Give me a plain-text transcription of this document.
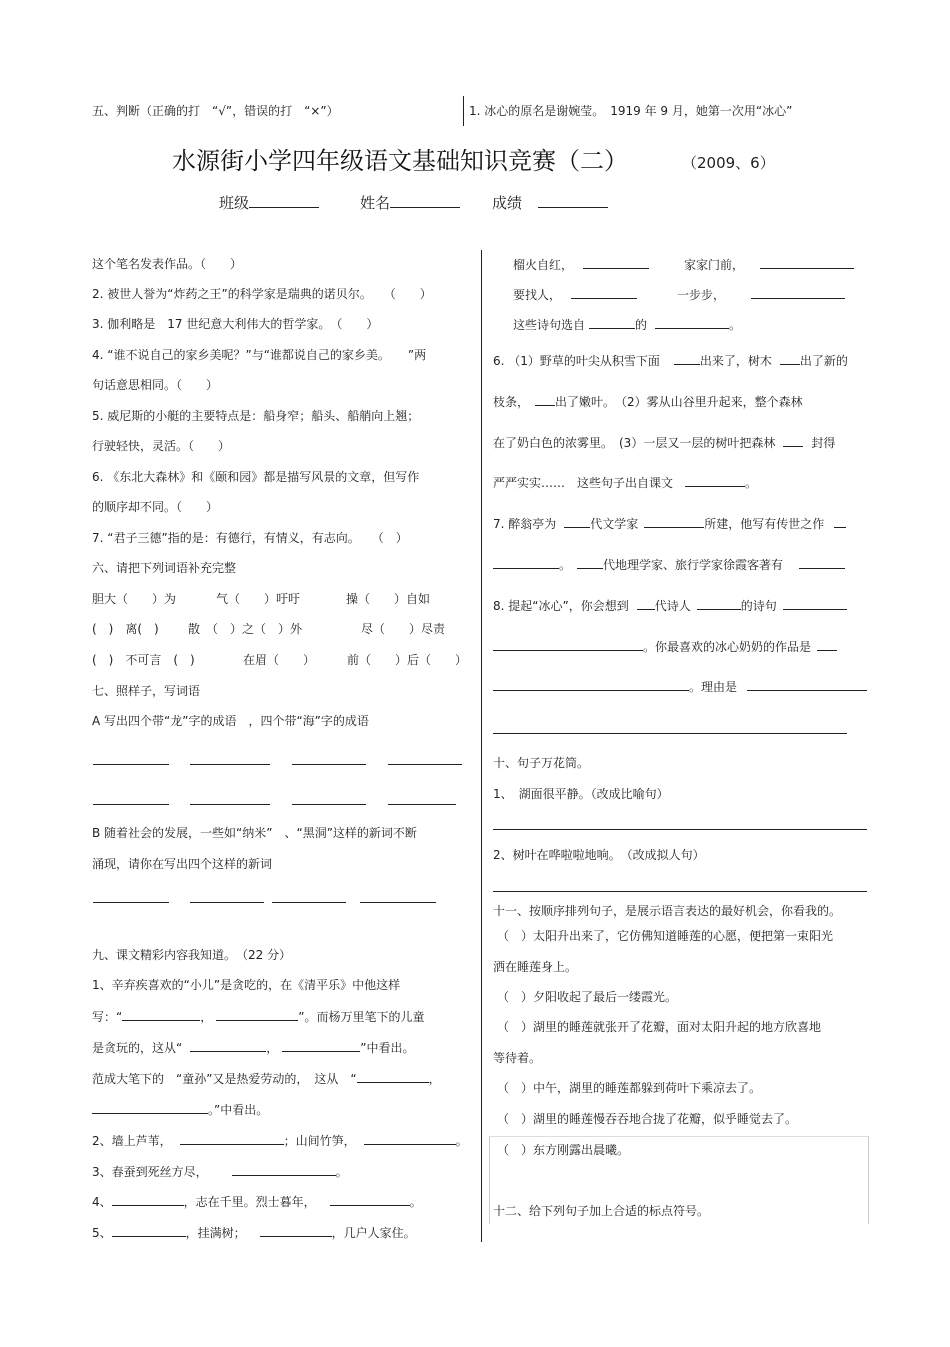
五、判断（正确的打　“√”，错误的打　“×”）	1. 冰心的原名是谢婉莹。　1919 年 9 月，她第一次用“冰心”
水源街小学四年级语文基础知识竞赛（二）	（2009、6）
班级	姓名	成绩
这个笔名发表作品。（　　）
2. 被世人誉为“炸药之王”的科学家是瑞典的诺贝尔。　　（　　）
3. 伽利略是　17 世纪意大利伟大的哲学家。　（　　）
4. “谁不说自己的家乡美呢？”与“谁都说自己的家乡美。　　”两
句话意思相同。（　　）
5. 威尼斯的小艇的主要特点是：船身窄；船头、船艄向上翘；
行驶轻快，灵活。（　　）
6. 《东北大森林》和《颐和园》都是描写风景的文章，但写作
的顺序却不同。（　　）
7. “君子三德”指的是：有德行，有情义，有志向。　　（　）
六、请把下列词语补充完整
胆大（　　）为	气（　　）吁吁	操（　　）自如
(　)　离(　) 散　（　）之（　）外	尽（　　）尽责
(　)　不可言　(　)	在眉（　　）	前（　　）后（　　）
七、照样子，写词语
A 写出四个带“龙”字的成语　，四个带“海”字的成语
B 随着社会的发展，一些如“纳米”　、“黑洞”这样的新词不断
涌现，请你在写出四个这样的新词
九、课文精彩内容我知道。　（22 分）
1、辛弃疾喜欢的“小儿”是贪吃的，在《清平乐》中他这样
写：“	，	”。而杨万里笔下的儿童
是贪玩的，这从“	，	”中看出。
范成大笔下的　“童孙”又是热爱劳动的，　这从　“	，
。”中看出。
2、墙上芦苇，	；山间竹笋，	。
3、春蚕到死丝方尽，	。
4、	，志在千里。烈士暮年，	。
5、	，挂满树；	，几户人家住。
榴火自红，	家家门前，
要找人，	一步步，
这些诗句选自	的	。
6. （1）野草的叶尖从积雪下面	出来了，树木 出了新的
枝条， 出了嫩叶。　（2）雾从山谷里升起来，整个森林
在了奶白色的浓雾里。　(3）一层又一层的树叶把森林	封得
严严实实……　这些句子出自课文	。
7. 醉翁亭为	代文学家	所建，他写有传世之作
。	代地理学家、旅行学家徐霞客著有
8. 提起“冰心”，你会想到 代诗人	的诗句
。你最喜欢的冰心奶奶的作品是
。理由是
十、句子万花筒。
1、　湖面很平静。（改成比喻句）
2、树叶在哗啦啦地响。　（改成拟人句）
十一、按顺序排列句子，是展示语言表达的最好机会，你看我的。
（　）太阳升出来了，它仿佛知道睡莲的心愿，便把第一束阳光
洒在睡莲身上。
（　）夕阳收起了最后一缕霞光。
（　）湖里的睡莲就张开了花瓣，面对太阳升起的地方欣喜地
等待着。
（　）中午，湖里的睡莲都躲到荷叶下乘凉去了。
（　）湖里的睡莲慢吞吞地合拢了花瓣，似乎睡觉去了。
（　）东方刚露出晨曦。
十二、给下列句子加上合适的标点符号。
